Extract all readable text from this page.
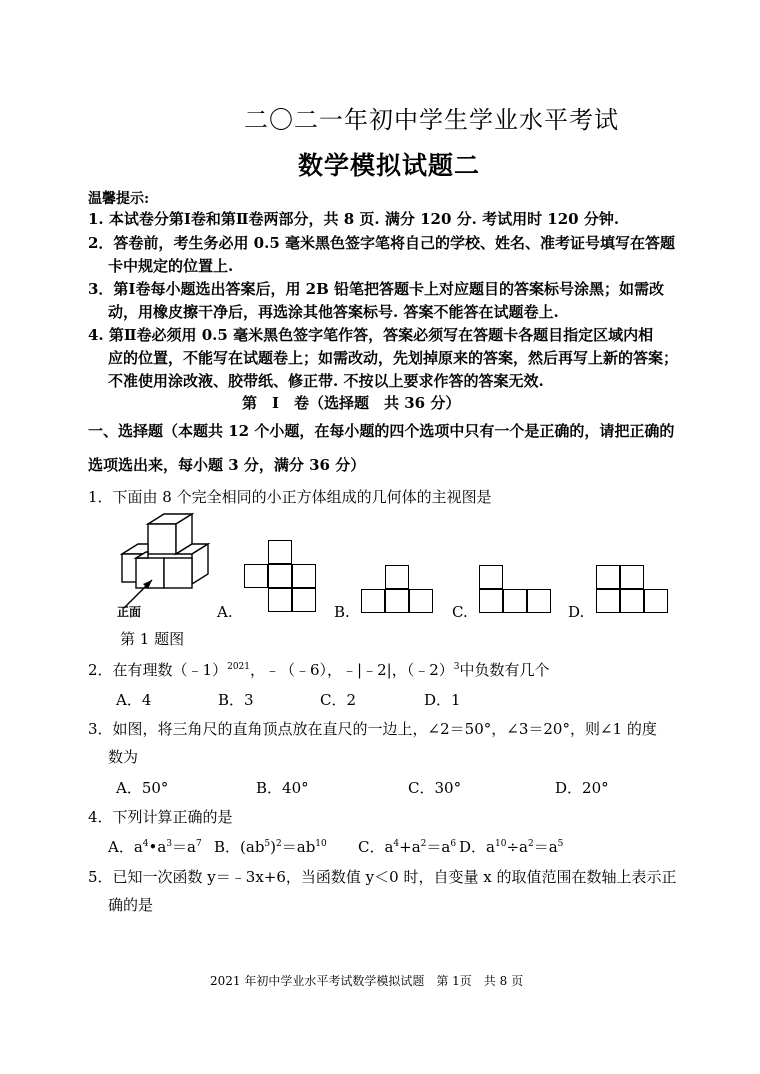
二〇二一年初中学生学业水平考试
数学模拟试题二
温馨提示:
1. 本试卷分第Ⅰ卷和第Ⅱ卷两部分，共 8 页. 满分 120 分. 考试用时 120 分钟.
2．答卷前，考生务必用 0.5 毫米黑色签字笔将自己的学校、姓名、准考证号填写在答题
卡中规定的位置上.
3．第Ⅰ卷每小题选出答案后，用 2B 铅笔把答题卡上对应题目的答案标号涂黑；如需改
动，用橡皮擦干净后，再选涂其他答案标号. 答案不能答在试题卷上.
4. 第Ⅱ卷必须用 0.5 毫米黑色签字笔作答，答案必须写在答题卡各题目指定区域内相
应的位置，不能写在试题卷上；如需改动，先划掉原来的答案，然后再写上新的答案；
不准使用涂改液、胶带纸、修正带. 不按以上要求作答的答案无效.
第　Ⅰ　卷（选择题　共 36 分）
一、选择题（本题共 12 个小题，在每小题的四个选项中只有一个是正确的，请把正确的
选项选出来，每小题 3 分，满分 36 分）
1．下面由 8 个完全相同的小正方体组成的几何体的主视图是
正面	A.	B.	C.	D.
第 1 题图
2．在有理数（﹣1）$^{2021}$，﹣（﹣6），﹣|﹣2|，（﹣2）$^3$中负数有几个
A．4	B．3	C．2	D．1
3．如图，将三角尺的直角顶点放在直尺的一边上，∠2＝50°，∠3＝20°，则∠1 的度
数为
A．50°	B．40°	C．30°	D．20°
4．下列计算正确的是
A．$a^4•a^3=a^7$ B．$(ab^5)^2=ab^{10}$ C．$a^4+a^2=a^6$ D．$a^{10}\div a^2=a^5$
5．已知一次函数 y＝﹣3x+6，当函数值 y＜0 时，自变量 x 的取值范围在数轴上表示正
确的是
2021 年初中学业水平考试数学模拟试题　第 1页　共 8 页
